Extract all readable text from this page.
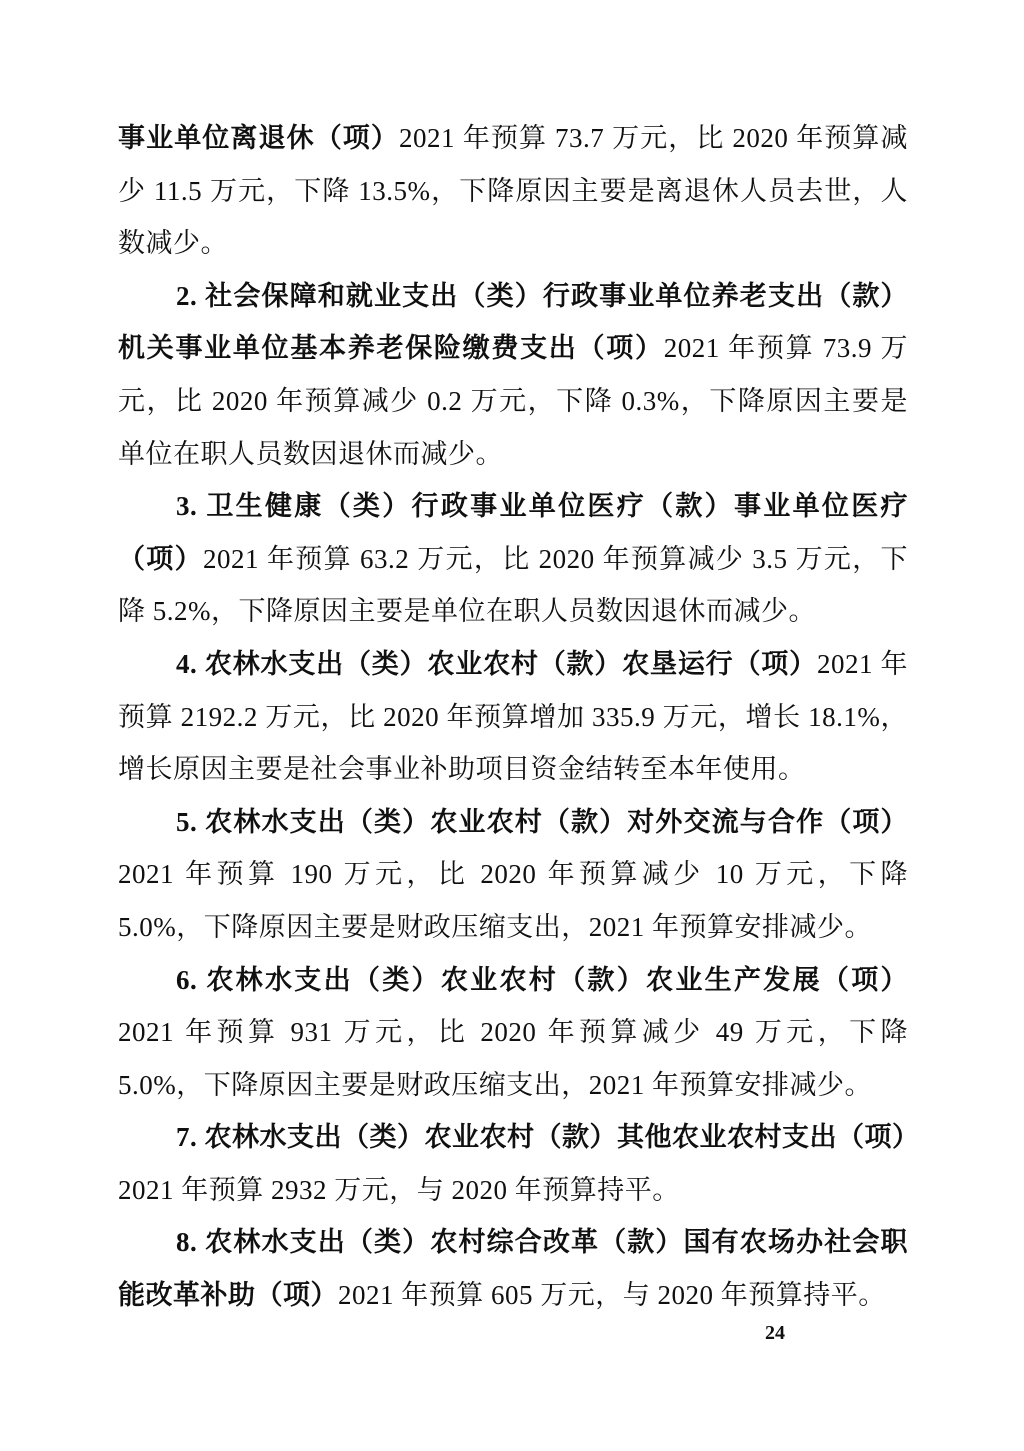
事业单位离退休（项）2021 年预算 73.7 万元，比 2020 年预算减少 11.5 万元，下降 13.5%，下降原因主要是离退休人员去世，人数减少。

2. 社会保障和就业支出（类）行政事业单位养老支出（款）机关事业单位基本养老保险缴费支出（项）2021 年预算 73.9 万元，比 2020 年预算减少 0.2 万元，下降 0.3%，下降原因主要是单位在职人员数因退休而减少。

3. 卫生健康（类）行政事业单位医疗（款）事业单位医疗（项）2021 年预算 63.2 万元，比 2020 年预算减少 3.5 万元，下降 5.2%，下降原因主要是单位在职人员数因退休而减少。

4. 农林水支出（类）农业农村（款）农垦运行（项）2021 年预算 2192.2 万元，比 2020 年预算增加 335.9 万元，增长 18.1%，增长原因主要是社会事业补助项目资金结转至本年使用。

5. 农林水支出（类）农业农村（款）对外交流与合作（项）2021 年预算 190 万元，比 2020 年预算减少 10 万元，下降 5.0%，下降原因主要是财政压缩支出，2021 年预算安排减少。

6. 农林水支出（类）农业农村（款）农业生产发展（项）2021 年预算 931 万元，比 2020 年预算减少 49 万元，下降 5.0%，下降原因主要是财政压缩支出，2021 年预算安排减少。

7. 农林水支出（类）农业农村（款）其他农业农村支出（项）2021 年预算 2932 万元，与 2020 年预算持平。

8. 农林水支出（类）农村综合改革（款）国有农场办社会职能改革补助（项）2021 年预算 605 万元，与 2020 年预算持平。

24
